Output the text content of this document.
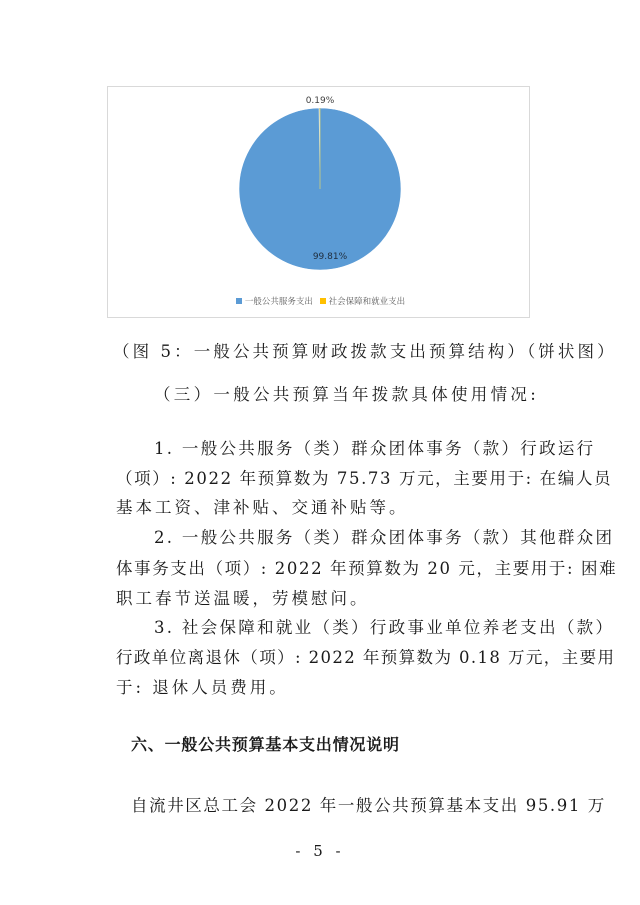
99.81%
0.19%
一般公共服务支出 社会保障和就业支出
（图 5：一般公共预算财政拨款支出预算结构）（饼状图）
（三）一般公共预算当年拨款具体使用情况:
1. 一般公共服务（类）群众团体事务（款）行政运行
（项）: 2022 年预算数为 75.73 万元，主要用于: 在编人员
基本工资、津补贴、交通补贴等。
2. 一般公共服务（类）群众团体事务（款）其他群众团
体事务支出（项）: 2022 年预算数为 20 元，主要用于: 困难
职工春节送温暖，劳模慰问。
3. 社会保障和就业（类）行政事业单位养老支出（款）
行政单位离退休（项）: 2022 年预算数为 0.18 万元，主要用
于: 退休人员费用。
六、一般公共预算基本支出情况说明
自流井区总工会 2022 年一般公共预算基本支出 95.91 万
- 5 -
